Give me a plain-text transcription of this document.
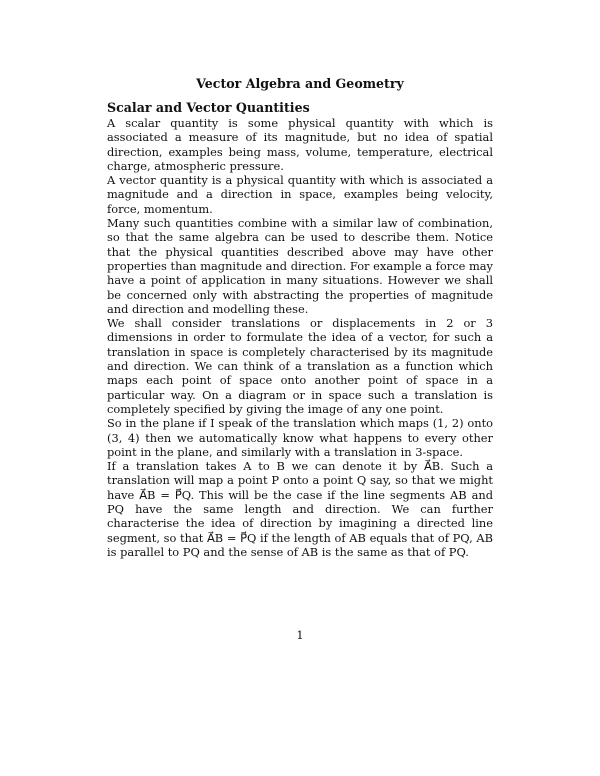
Vector Algebra and Geometry
Scalar and Vector Quantities

A scalar quantity is some physical quantity with which is associated a measure of its magnitude, but no idea of spatial direction, examples being mass, volume, temperature, electrical charge, atmospheric pressure.

A vector quantity is a physical quantity with which is associated a magnitude and a direction in space, examples being velocity, force, momentum.

Many such quantities combine with a similar law of combination, so that the same algebra can be used to describe them. Notice that the physical quantities described above may have other properties than magnitude and direction. For example a force may have a point of application in many situations. However we shall be concerned only with abstracting the properties of magnitude and direction and modelling these.

We shall consider translations or displacements in 2 or 3 dimensions in order to formulate the idea of a vector, for such a translation in space is completely characterised by its magnitude and direction. We can think of a translation as a function which maps each point of space onto another point of space in a particular way. On a diagram or in space such a translation is completely specified by giving the image of any one point.

So in the plane if I speak of the translation which maps (1, 2) onto (3, 4) then we automatically know what happens to every other point in the plane, and similarly with a translation in 3-space.

If a translation takes A to B we can denote it by A⃗B. Such a translation will map a point P onto a point Q say, so that we might have A⃗B = P⃗Q. This will be the case if the line segments AB and PQ have the same length and direction. We can further characterise the idea of direction by imagining a directed line segment, so that A⃗B = P⃗Q if the length of AB equals that of PQ, AB is parallel to PQ and the sense of AB is the same as that of PQ.

1
